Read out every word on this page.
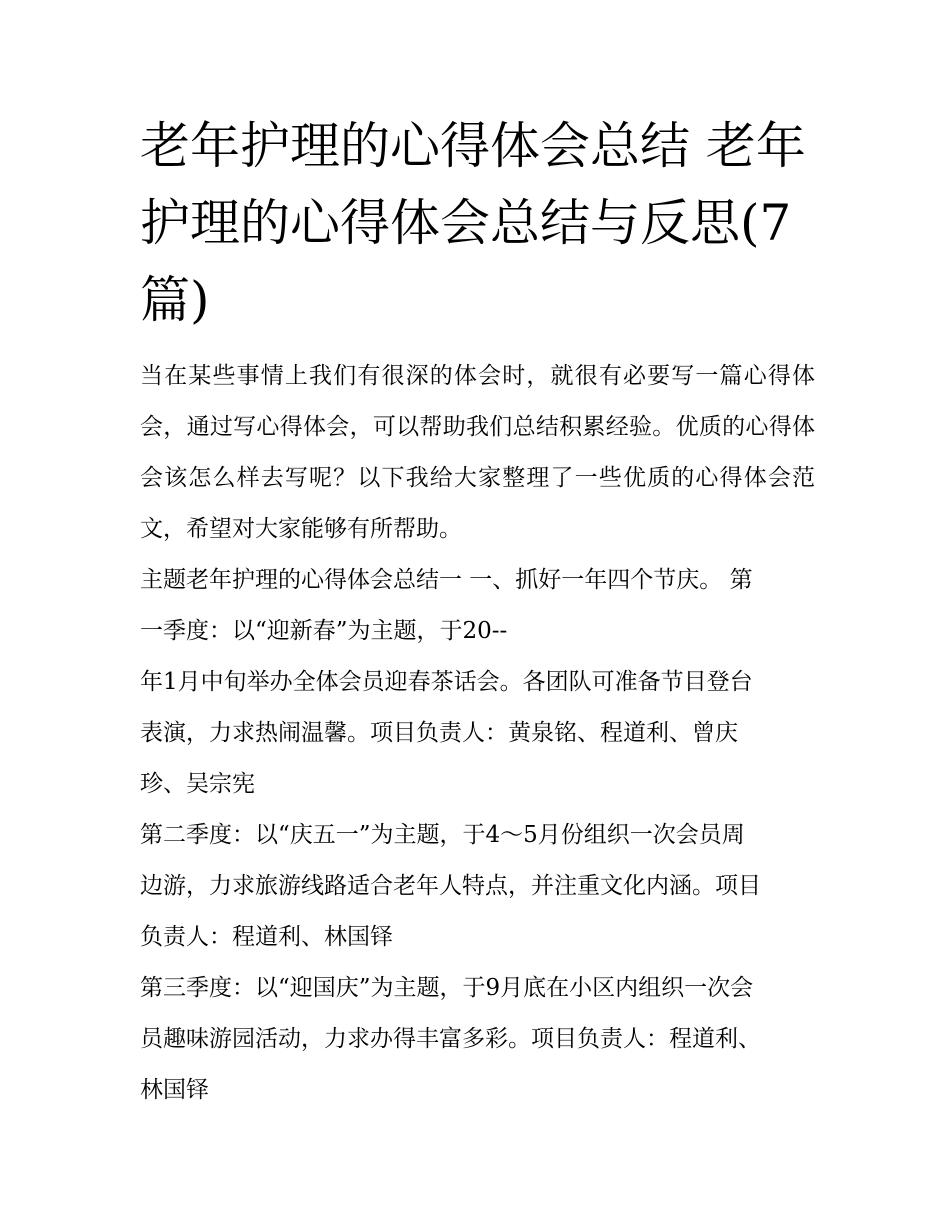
老年护理的心得体会总结 老年护理的心得体会总结与反思(7篇)

当在某些事情上我们有很深的体会时，就很有必要写一篇心得体会，通过写心得体会，可以帮助我们总结积累经验。优质的心得体会该怎么样去写呢？以下我给大家整理了一些优质的心得体会范文，希望对大家能够有所帮助。

主题老年护理的心得体会总结一 一、抓好一年四个节庆。 第
一季度：以“迎新春”为主题，于20--
年1月中旬举办全体会员迎春茶话会。各团队可准备节目登台
表演，力求热闹温馨。项目负责人：黄泉铭、程道利、曾庆
珍、吴宗宪
第二季度：以“庆五一”为主题，于4～5月份组织一次会员周
边游，力求旅游线路适合老年人特点，并注重文化内涵。项目
负责人：程道利、林国铎
第三季度：以“迎国庆”为主题，于9月底在小区内组织一次会
员趣味游园活动，力求办得丰富多彩。项目负责人：程道利、
林国铎
